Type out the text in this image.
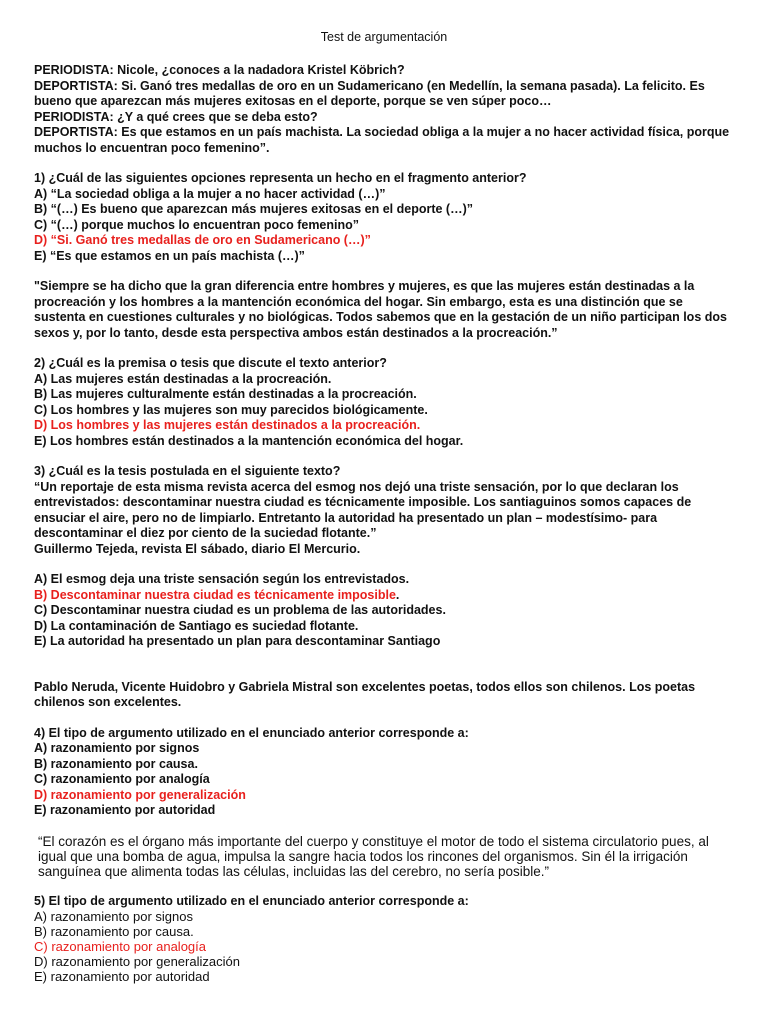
Test de argumentación

PERIODISTA: Nicole, ¿conoces a la nadadora Kristel Köbrich?

DEPORTISTA: Si. Ganó tres medallas de oro en un Sudamericano (en Medellín, la semana pasada). La felicito. Es bueno que aparezcan más mujeres exitosas en el deporte, porque se ven súper poco…

PERIODISTA: ¿Y a qué crees que se deba esto?

DEPORTISTA: Es que estamos en un país machista. La sociedad obliga a la mujer a no hacer actividad física, porque muchos lo encuentran poco femenino”.

1) ¿Cuál de las siguientes opciones representa un hecho en el fragmento anterior?

A) “La sociedad obliga a la mujer a no hacer actividad (…)”

B) “(…) Es bueno que aparezcan más mujeres exitosas en el deporte (…)”

C) “(…) porque muchos lo encuentran poco femenino”

D) “Si. Ganó tres medallas de oro en Sudamericano (…)”

E) “Es que estamos en un país machista (…)”

"Siempre se ha dicho que la gran diferencia entre hombres y mujeres, es que las mujeres están destinadas a la procreación y los hombres a la mantención económica del hogar. Sin embargo, esta es una distinción que se sustenta en cuestiones culturales y no biológicas. Todos sabemos que en la gestación de un niño participan los dos sexos y, por lo tanto, desde esta perspectiva ambos están destinados a la procreación.”

2) ¿Cuál es la premisa o tesis que discute el texto anterior?

A) Las mujeres están destinadas a la procreación.

B) Las mujeres culturalmente están destinadas a la procreación.

C) Los hombres y las mujeres son muy parecidos biológicamente.

D) Los hombres y las mujeres están destinados a la procreación.

E) Los hombres están destinados a la mantención económica del hogar.

3) ¿Cuál es la tesis postulada en el siguiente texto?

“Un reportaje de esta misma revista acerca del esmog nos dejó una triste sensación, por lo que declaran los entrevistados: descontaminar nuestra ciudad es técnicamente imposible. Los santiaguinos somos capaces de ensuciar el aire, pero no de limpiarlo. Entretanto la autoridad ha presentado un plan – modestísimo- para descontaminar el diez por ciento de la suciedad flotante.”                                                                 Guillermo Tejeda, revista El sábado, diario El Mercurio.

A) El esmog deja una triste sensación según los entrevistados.

B) Descontaminar nuestra ciudad es técnicamente imposible.

C) Descontaminar nuestra ciudad es un problema de las autoridades.

D) La contaminación de Santiago es suciedad flotante.

E) La autoridad ha presentado un plan para descontaminar Santiago

Pablo Neruda, Vicente Huidobro y Gabriela Mistral son excelentes poetas, todos ellos son chilenos. Los poetas chilenos son excelentes.

4) El tipo de argumento utilizado en el enunciado anterior corresponde a:

A) razonamiento por signos

B) razonamiento por causa.

C) razonamiento por analogía

D) razonamiento por generalización

E) razonamiento por autoridad

“El corazón es el órgano más importante del cuerpo y constituye el motor de todo el sistema circulatorio pues, al igual que una bomba de agua, impulsa la sangre hacia todos los rincones del organismos. Sin él la irrigación sanguínea que alimenta todas las células, incluidas las del cerebro, no sería posible.”

5) El tipo de argumento utilizado en el enunciado anterior corresponde a:

A) razonamiento por signos

B) razonamiento por causa.

C) razonamiento por analogía

D) razonamiento por generalización

E) razonamiento por autoridad
